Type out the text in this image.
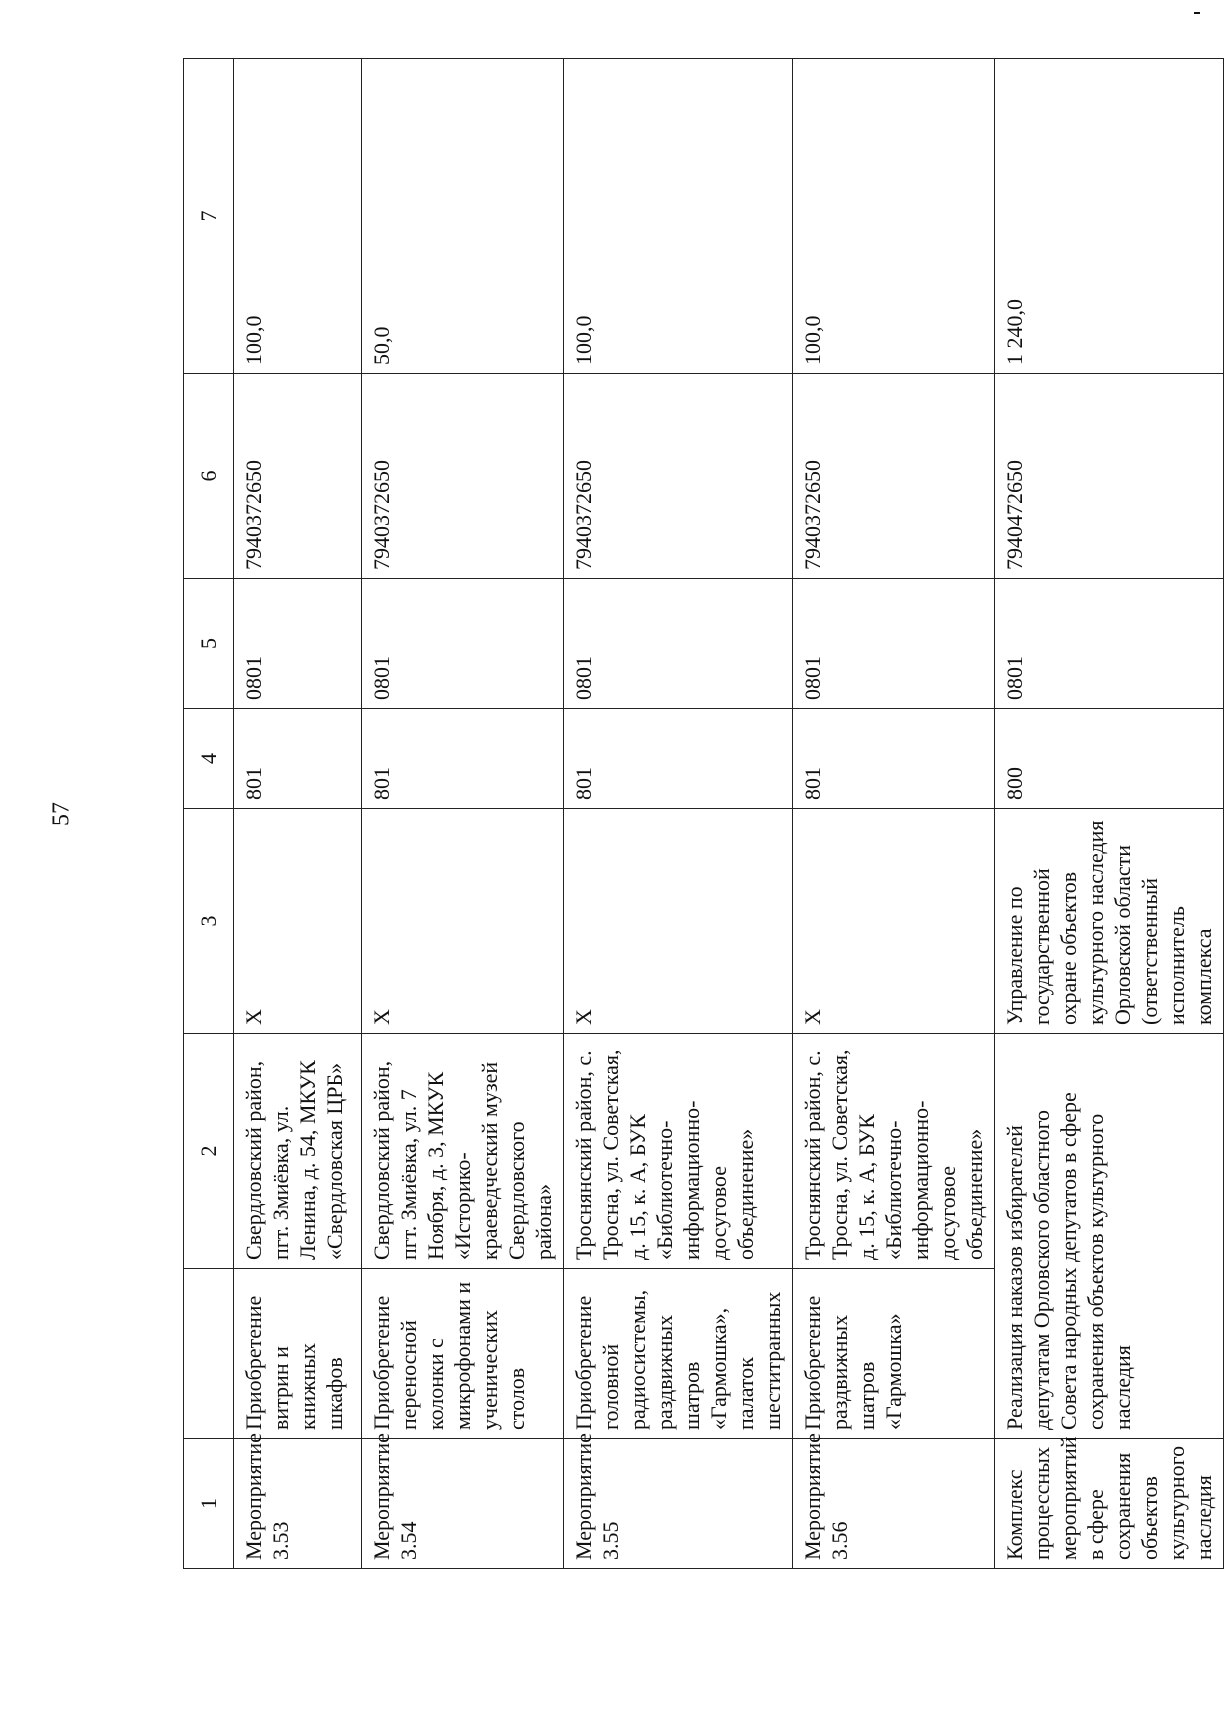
57
1		2	3	4	5	6	7
Мероприятие 3.53	Приобретение витрин и книжных шкафов	Свердловский район, пгт. Змиёвка, ул. Ленина, д. 54, МКУК «Свердловская ЦРБ»	Х	801	0801	7940372650	100,0
Мероприятие 3.54	Приобретение переносной колонки с микрофонами и ученических столов	Свердловский район, пгт. Змиёвка, ул. 7 Ноября, д. 3, МКУК «Историко-краеведческий музей Свердловского района»	Х	801	0801	7940372650	50,0
Мероприятие 3.55	Приобретение головной радиосистемы, раздвижных шатров «Гармошка», палаток шеститранных	Троснянский район, с. Тросна, ул. Советская, д. 15, к. А, БУК «Библиотечно-информационно-досуговое объединение»	Х	801	0801	7940372650	100,0
Мероприятие 3.56	Приобретение раздвижных шатров «Гармошка»	Троснянский район, с. Тросна, ул. Советская, д. 15, к. А, БУК «Библиотечно-информационно-досуговое объединение»	Х	801	0801	7940372650	100,0
Комплекс процессных мероприятий в сфере сохранения объектов культурного наследия	Реализация наказов избирателей депутатам Орловского областного Совета народных депутатов в сфере сохранения объектов культурного наследия		Управление по государственной охране объектов культурного наследия Орловской области (ответственный исполнитель комплекса	800	0801	7940472650	1 240,0
